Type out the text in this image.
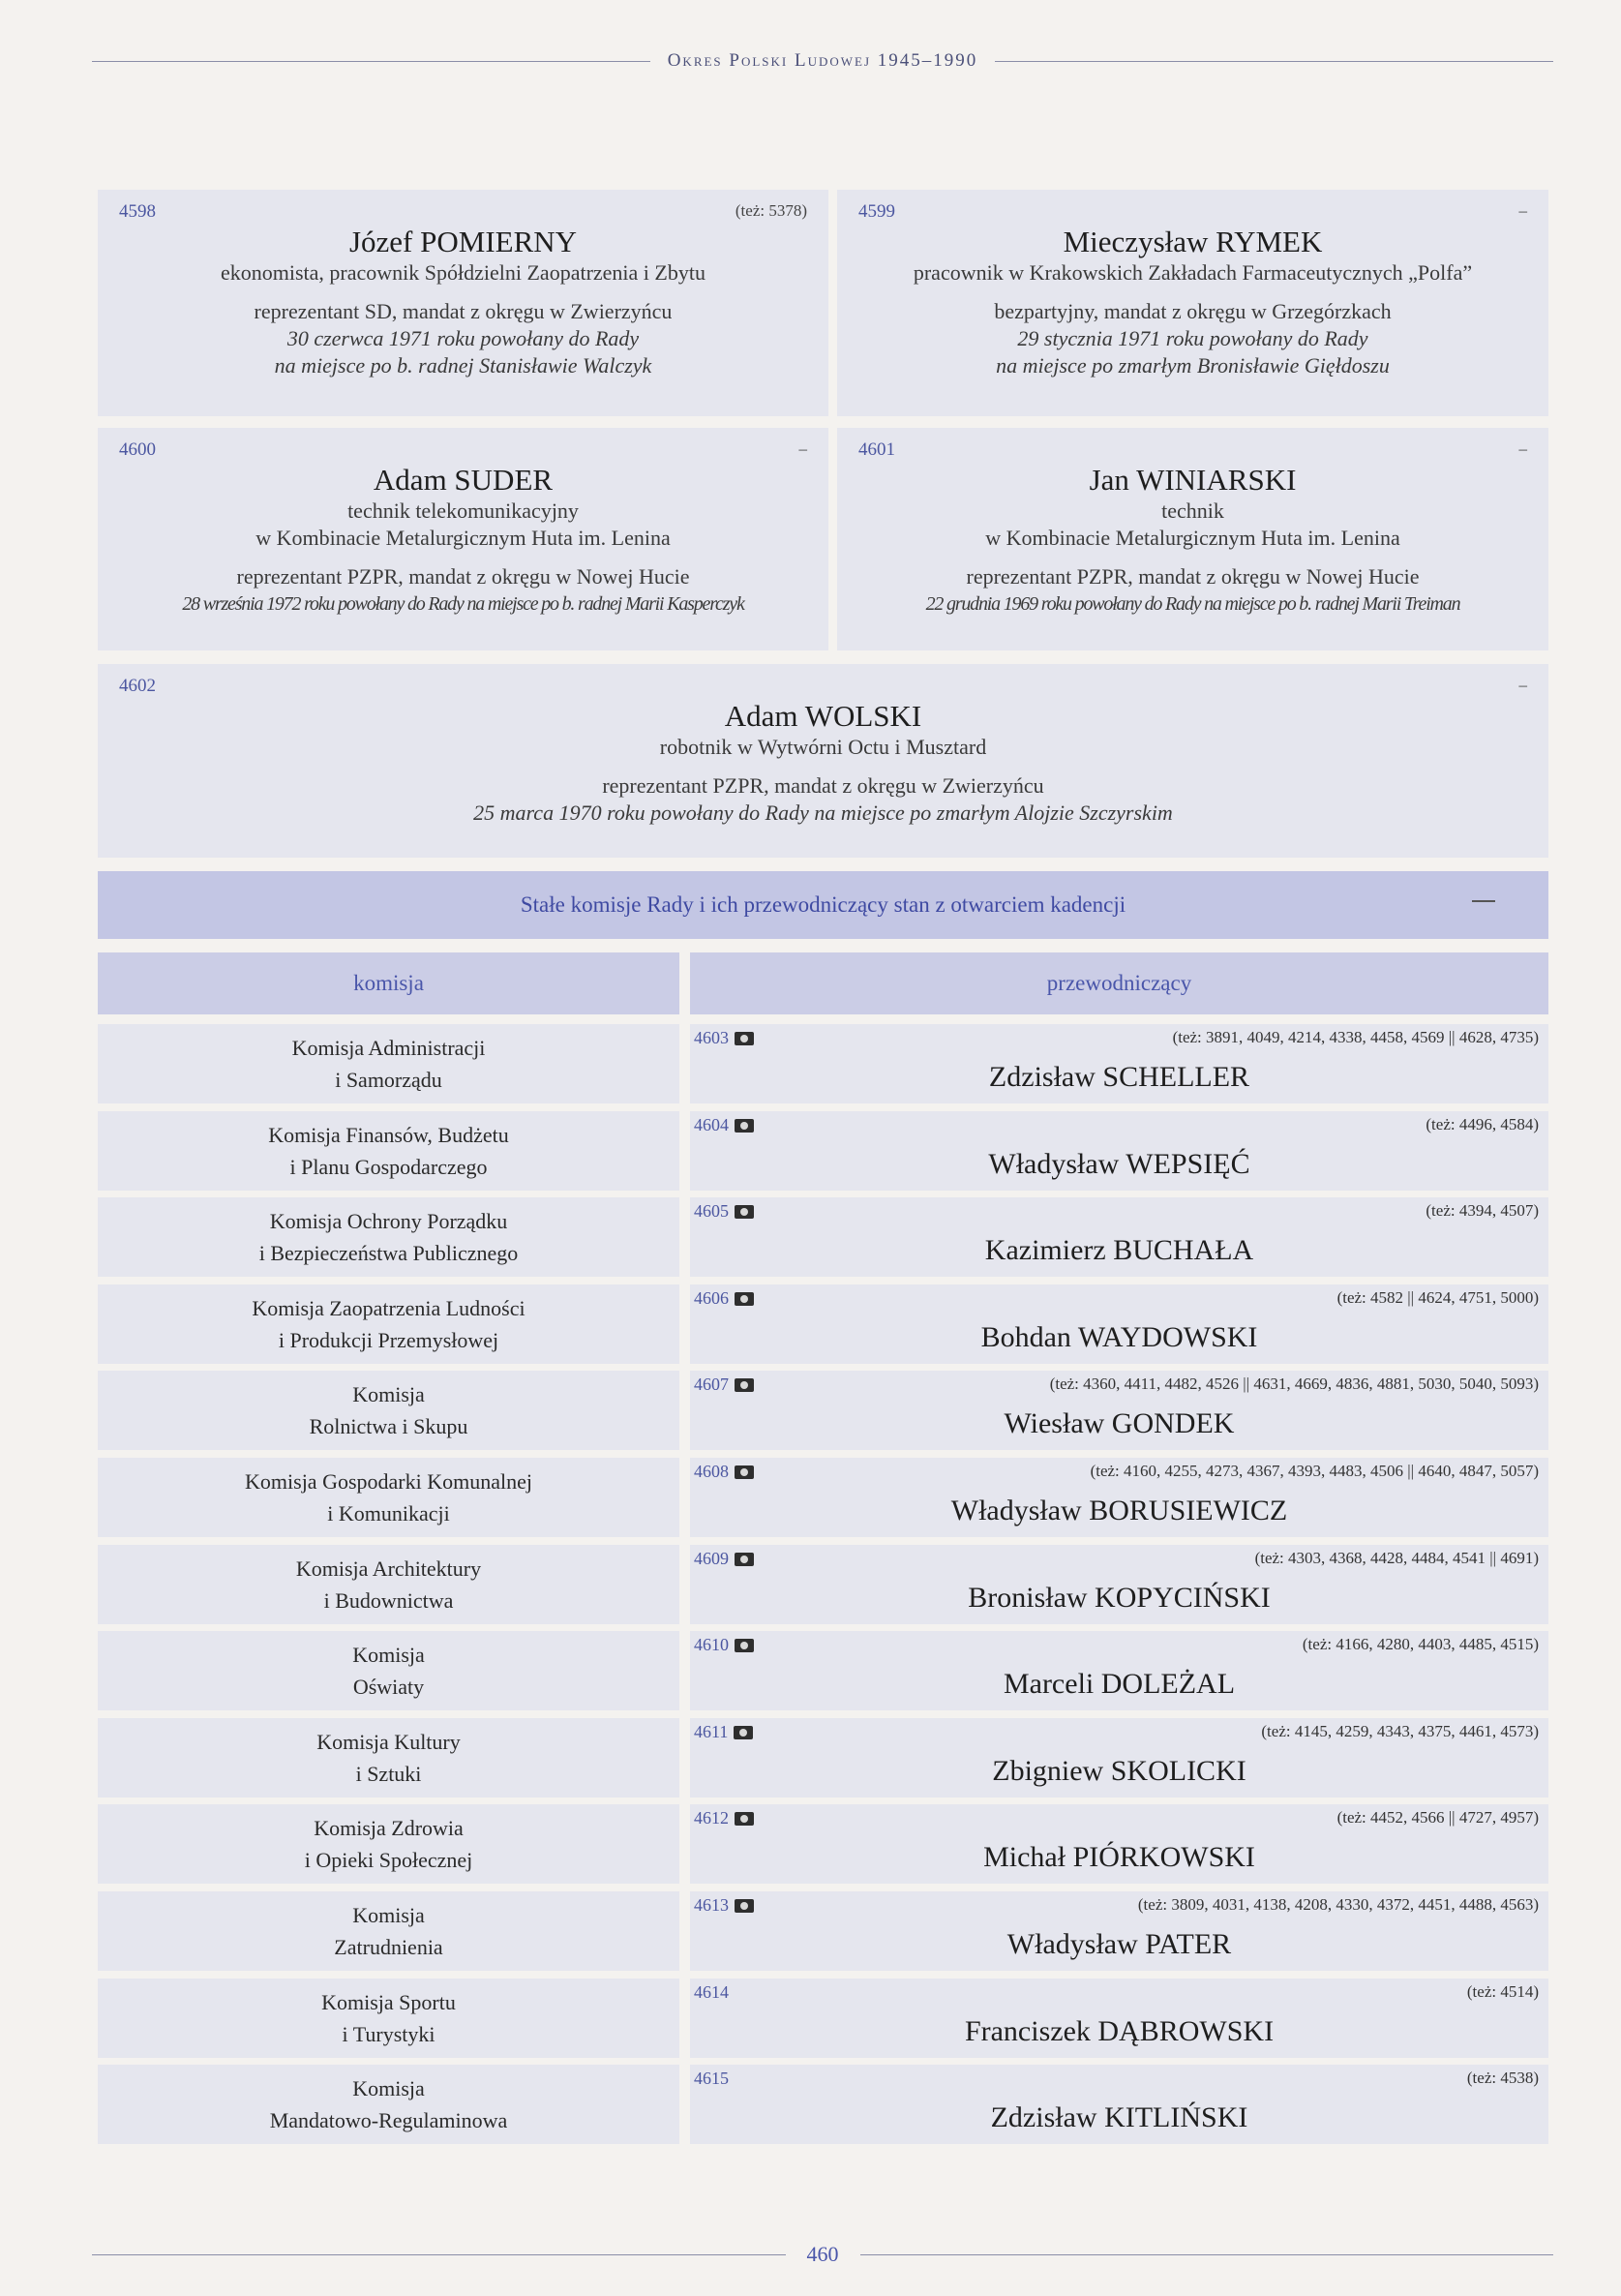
Okres Polski Ludowej 1945–1990
4598	(też: 5378)
Józef POMIERNY
ekonomista, pracownik Spółdzielni Zaopatrzenia i Zbytu
reprezentant SD, mandat z okręgu w Zwierzyńcu
30 czerwca 1971 roku powołany do Rady
na miejsce po b. radnej Stanisławie Walczyk
4599	–
Mieczysław RYMEK
pracownik w Krakowskich Zakładach Farmaceutycznych „Polfa”
bezpartyjny, mandat z okręgu w Grzegórzkach
29 stycznia 1971 roku powołany do Rady
na miejsce po zmarłym Bronisławie Gięłdoszu
4600	–
Adam SUDER
technik telekomunikacyjny
w Kombinacie Metalurgicznym Huta im. Lenina
reprezentant PZPR, mandat z okręgu w Nowej Hucie
28 września 1972 roku powołany do Rady na miejsce po b. radnej Marii Kasperczyk
4601	–
Jan WINIARSKI
technik
w Kombinacie Metalurgicznym Huta im. Lenina
reprezentant PZPR, mandat z okręgu w Nowej Hucie
22 grudnia 1969 roku powołany do Rady na miejsce po b. radnej Marii Treiman
4602	–
Adam WOLSKI
robotnik w Wytwórni Octu i Musztard
reprezentant PZPR, mandat z okręgu w Zwierzyńcu
25 marca 1970 roku powołany do Rady na miejsce po zmarłym Alojzie Szczyrskim
Stałe komisje Rady i ich przewodniczący stan z otwarciem kadencji
komisja	przewodniczący
Komisja Administracji
i Samorządu
4603	(też: 3891, 4049, 4214, 4338, 4458, 4569 || 4628, 4735)
Zdzisław SCHELLER
Komisja Finansów, Budżetu
i Planu Gospodarczego
4604	(też: 4496, 4584)
Władysław WEPSIĘĆ
Komisja Ochrony Porządku
i Bezpieczeństwa Publicznego
4605	(też: 4394, 4507)
Kazimierz BUCHAŁA
Komisja Zaopatrzenia Ludności
i Produkcji Przemysłowej
4606	(też: 4582 || 4624, 4751, 5000)
Bohdan WAYDOWSKI
Komisja
Rolnictwa i Skupu
4607	(też: 4360, 4411, 4482, 4526 || 4631, 4669, 4836, 4881, 5030, 5040, 5093)
Wiesław GONDEK
Komisja Gospodarki Komunalnej
i Komunikacji
4608	(też: 4160, 4255, 4273, 4367, 4393, 4483, 4506 || 4640, 4847, 5057)
Władysław BORUSIEWICZ
Komisja Architektury
i Budownictwa
4609	(też: 4303, 4368, 4428, 4484, 4541 || 4691)
Bronisław KOPYCIŃSKI
Komisja
Oświaty
4610	(też: 4166, 4280, 4403, 4485, 4515)
Marceli DOLEŻAL
Komisja Kultury
i Sztuki
4611	(też: 4145, 4259, 4343, 4375, 4461, 4573)
Zbigniew SKOLICKI
Komisja Zdrowia
i Opieki Społecznej
4612	(też: 4452, 4566 || 4727, 4957)
Michał PIÓRKOWSKI
Komisja
Zatrudnienia
4613	(też: 3809, 4031, 4138, 4208, 4330, 4372, 4451, 4488, 4563)
Władysław PATER
Komisja Sportu
i Turystyki
4614	(też: 4514)
Franciszek DĄBROWSKI
Komisja
Mandatowo-Regulaminowa
4615	(też: 4538)
Zdzisław KITLIŃSKI
460
